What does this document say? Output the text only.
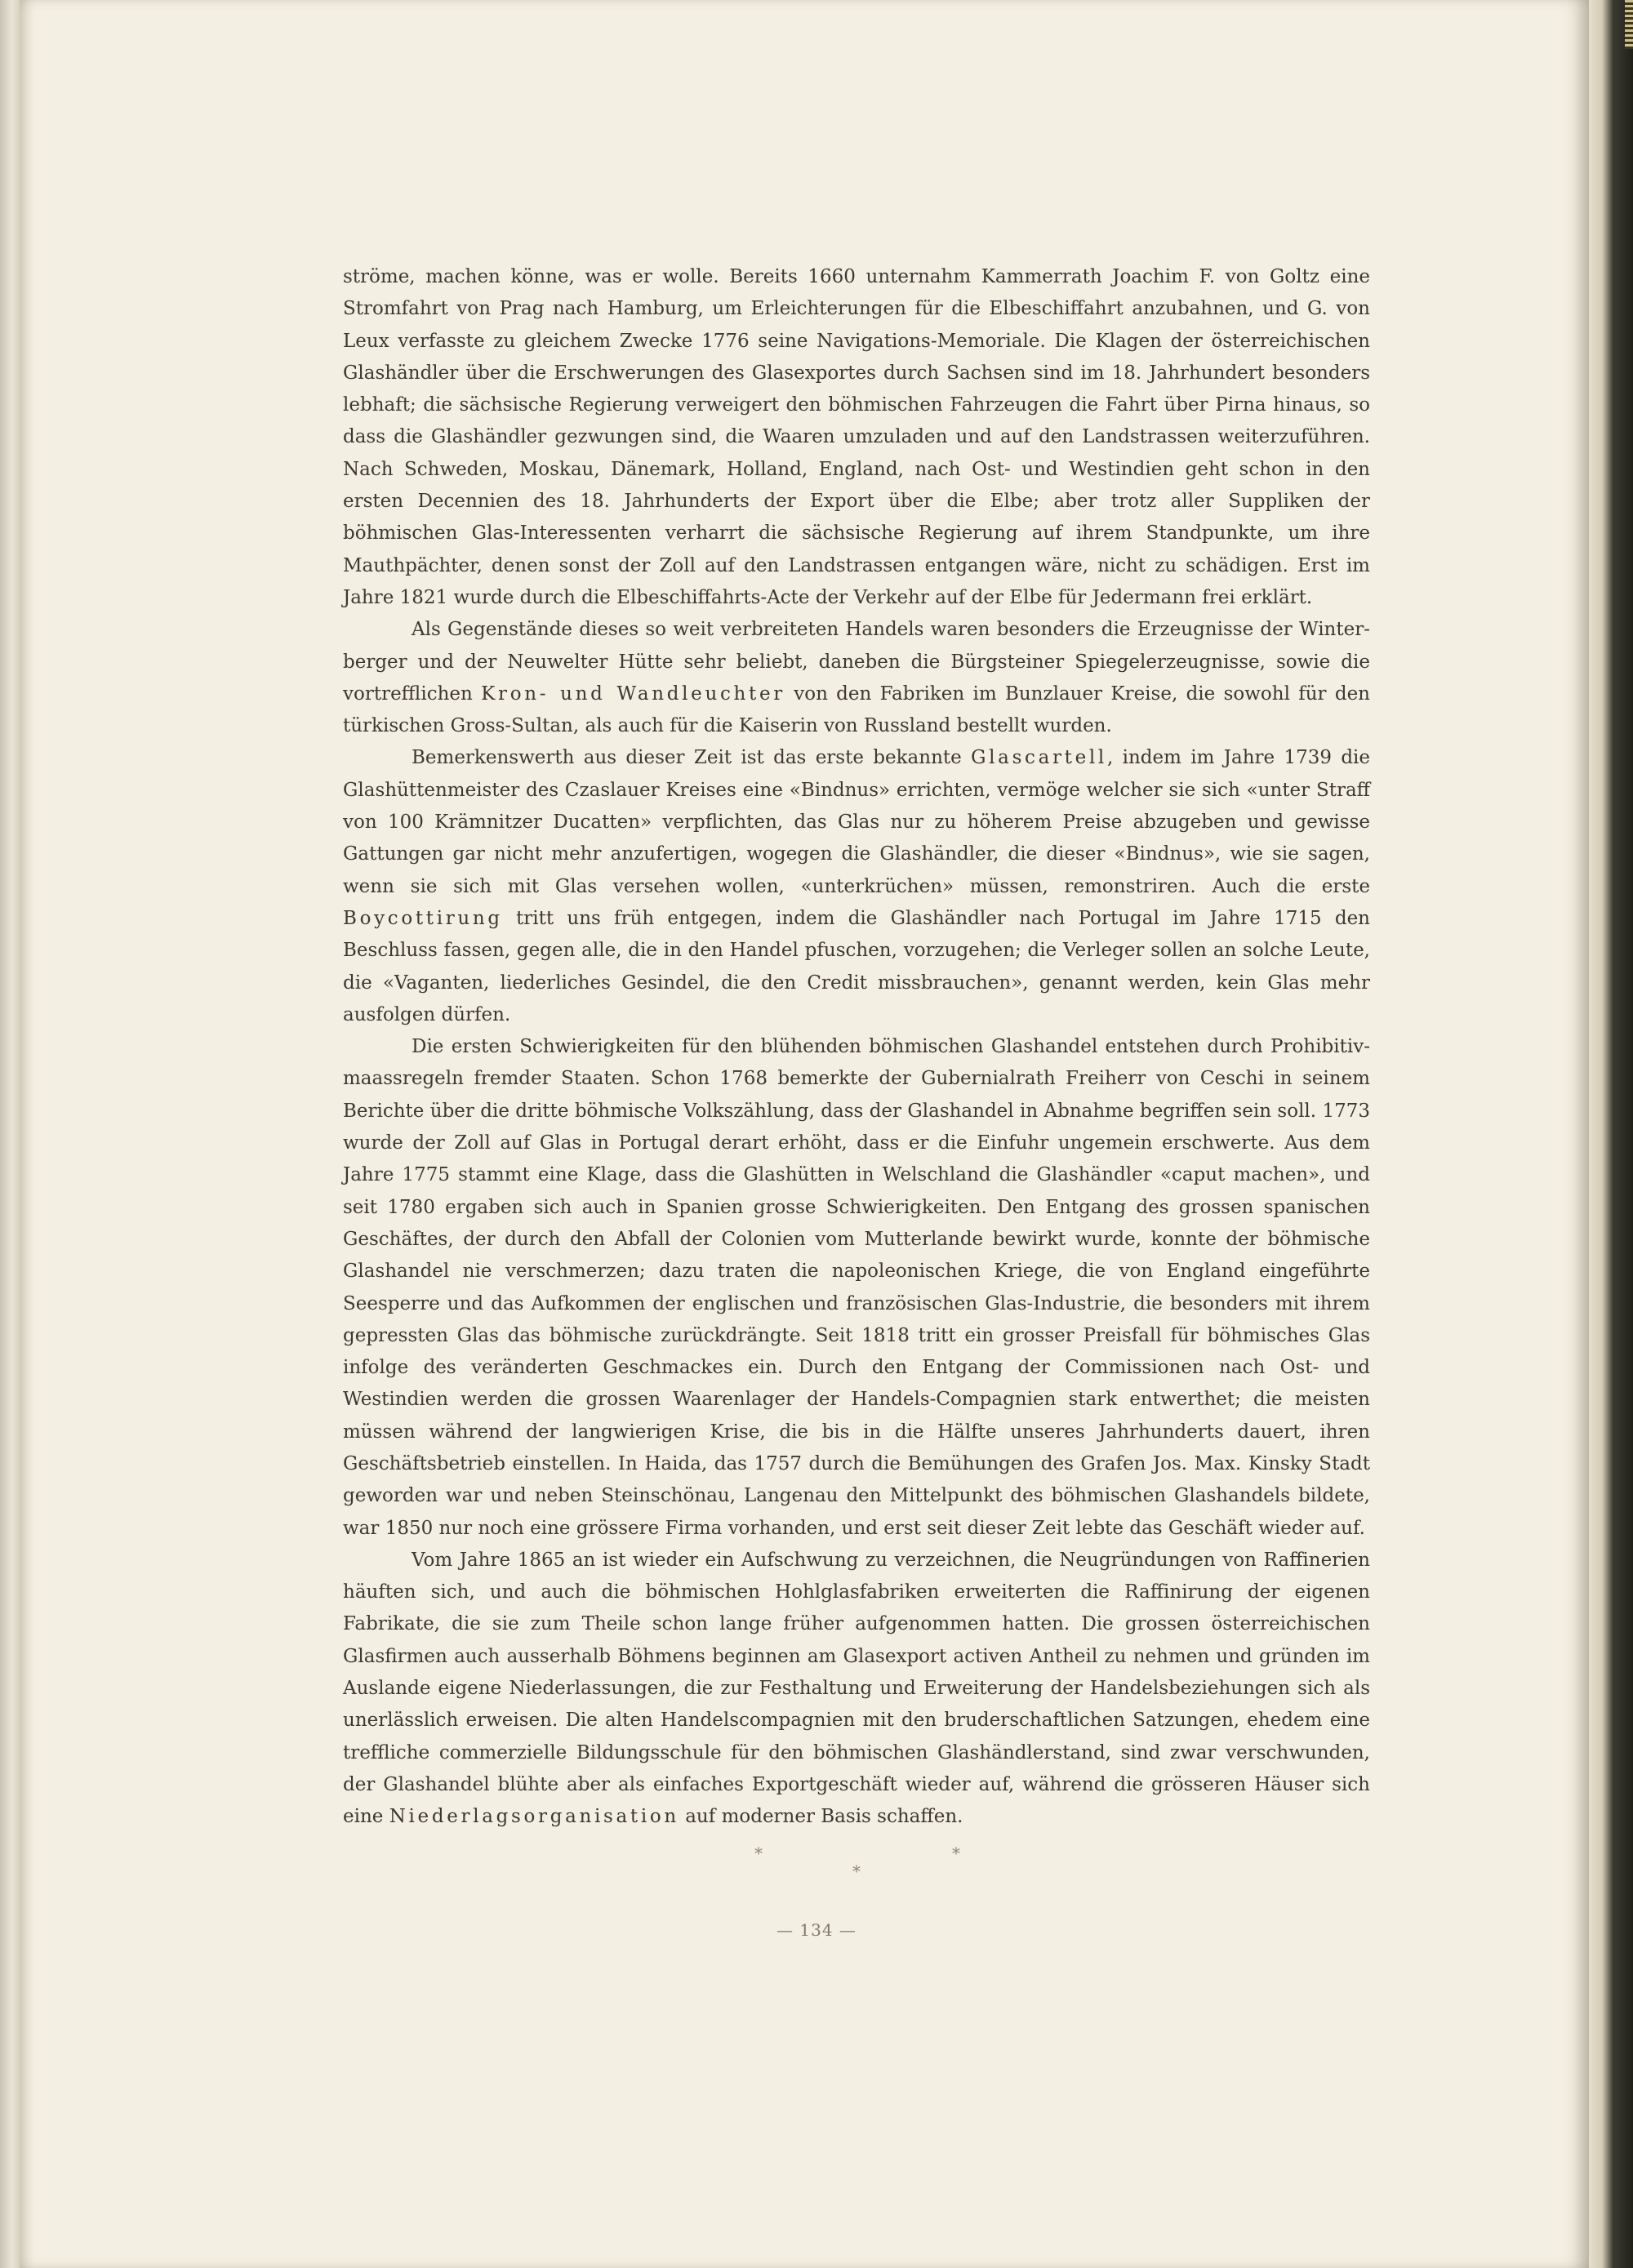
ströme, machen könne, was er wolle. Bereits 1660 unternahm Kammerrath Joachim F. von Goltz eine Stromfahrt von Prag nach Hamburg, um Erleichterungen für die Elbeschiffahrt anzubahnen, und G. von Leux verfasste zu gleichem Zwecke 1776 seine Navigations-Memoriale. Die Klagen der österreichischen Glashändler über die Erschwerungen des Glasexportes durch Sachsen sind im 18. Jahrhundert besonders lebhaft; die sächsische Regierung verweigert den böhmischen Fahrzeugen die Fahrt über Pirna hinaus, so dass die Glashändler gezwungen sind, die Waaren umzuladen und auf den Landstrassen weiterzuführen. Nach Schweden, Moskau, Dänemark, Holland, England, nach Ost- und Westindien geht schon in den ersten Decennien des 18. Jahrhunderts der Export über die Elbe; aber trotz aller Suppliken der böhmischen Glas-Interessenten verharrt die sächsische Regierung auf ihrem Standpunkte, um ihre Mauthpächter, denen sonst der Zoll auf den Landstrassen entgangen wäre, nicht zu schädigen. Erst im Jahre 1821 wurde durch die Elbeschiffahrts-Acte der Verkehr auf der Elbe für Jedermann frei erklärt.

Als Gegenstände dieses so weit verbreiteten Handels waren besonders die Erzeugnisse der Winterberger und der Neuwelter Hütte sehr beliebt, daneben die Bürgsteiner Spiegelerzeugnisse, sowie die vortrefflichen Kron- und Wandleuchter von den Fabriken im Bunzlauer Kreise, die sowohl für den türkischen Gross-Sultan, als auch für die Kaiserin von Russland bestellt wurden.

Bemerkenswerth aus dieser Zeit ist das erste bekannte Glascartell, indem im Jahre 1739 die Glashüttenmeister des Czaslauer Kreises eine «Bindnus» errichten, vermöge welcher sie sich «unter Straff von 100 Krämnitzer Ducatten» verpflichten, das Glas nur zu höherem Preise abzugeben und gewisse Gattungen gar nicht mehr anzufertigen, wogegen die Glashändler, die dieser «Bindnus», wie sie sagen, wenn sie sich mit Glas versehen wollen, «unterkrüchen» müssen, remonstriren. Auch die erste Boycottirung tritt uns früh entgegen, indem die Glashändler nach Portugal im Jahre 1715 den Beschluss fassen, gegen alle, die in den Handel pfuschen, vorzugehen; die Verleger sollen an solche Leute, die «Vaganten, liederliches Gesindel, die den Credit missbrauchen», genannt werden, kein Glas mehr ausfolgen dürfen.

Die ersten Schwierigkeiten für den blühenden böhmischen Glashandel entstehen durch Prohibitivmaassregeln fremder Staaten. Schon 1768 bemerkte der Gubernialrath Freiherr von Ceschi in seinem Berichte über die dritte böhmische Volkszählung, dass der Glashandel in Abnahme begriffen sein soll. 1773 wurde der Zoll auf Glas in Portugal derart erhöht, dass er die Einfuhr ungemein erschwerte. Aus dem Jahre 1775 stammt eine Klage, dass die Glashütten in Welschland die Glashändler «caput machen», und seit 1780 ergaben sich auch in Spanien grosse Schwierigkeiten. Den Entgang des grossen spanischen Geschäftes, der durch den Abfall der Colonien vom Mutterlande bewirkt wurde, konnte der böhmische Glashandel nie verschmerzen; dazu traten die napoleonischen Kriege, die von England eingeführte Seesperre und das Aufkommen der englischen und französischen Glas-Industrie, die besonders mit ihrem gepressten Glas das böhmische zurückdrängte. Seit 1818 tritt ein grosser Preisfall für böhmisches Glas infolge des veränderten Geschmackes ein. Durch den Entgang der Commissionen nach Ost- und Westindien werden die grossen Waarenlager der Handels-Compagnien stark entwerthet; die meisten müssen während der langwierigen Krise, die bis in die Hälfte unseres Jahrhunderts dauert, ihren Geschäftsbetrieb einstellen. In Haida, das 1757 durch die Bemühungen des Grafen Jos. Max. Kinsky Stadt geworden war und neben Steinschönau, Langenau den Mittelpunkt des böhmischen Glashandels bildete, war 1850 nur noch eine grössere Firma vorhanden, und erst seit dieser Zeit lebte das Geschäft wieder auf.

Vom Jahre 1865 an ist wieder ein Aufschwung zu verzeichnen, die Neugründungen von Raffinerien häuften sich, und auch die böhmischen Hohlglasfabriken erweiterten die Raffinirung der eigenen Fabrikate, die sie zum Theile schon lange früher aufgenommen hatten. Die grossen österreichischen Glasfirmen auch ausserhalb Böhmens beginnen am Glasexport activen Antheil zu nehmen und gründen im Auslande eigene Niederlassungen, die zur Festhaltung und Erweiterung der Handelsbeziehungen sich als unerlässlich erweisen. Die alten Handelscompagnien mit den bruderschaftlichen Satzungen, ehedem eine treffliche commerzielle Bildungsschule für den böhmischen Glashändlerstand, sind zwar verschwunden, der Glashandel blühte aber als einfaches Exportgeschäft wieder auf, während die grösseren Häuser sich eine Niederlagsorganisation auf moderner Basis schaffen.

*
*
*
— 134 —
